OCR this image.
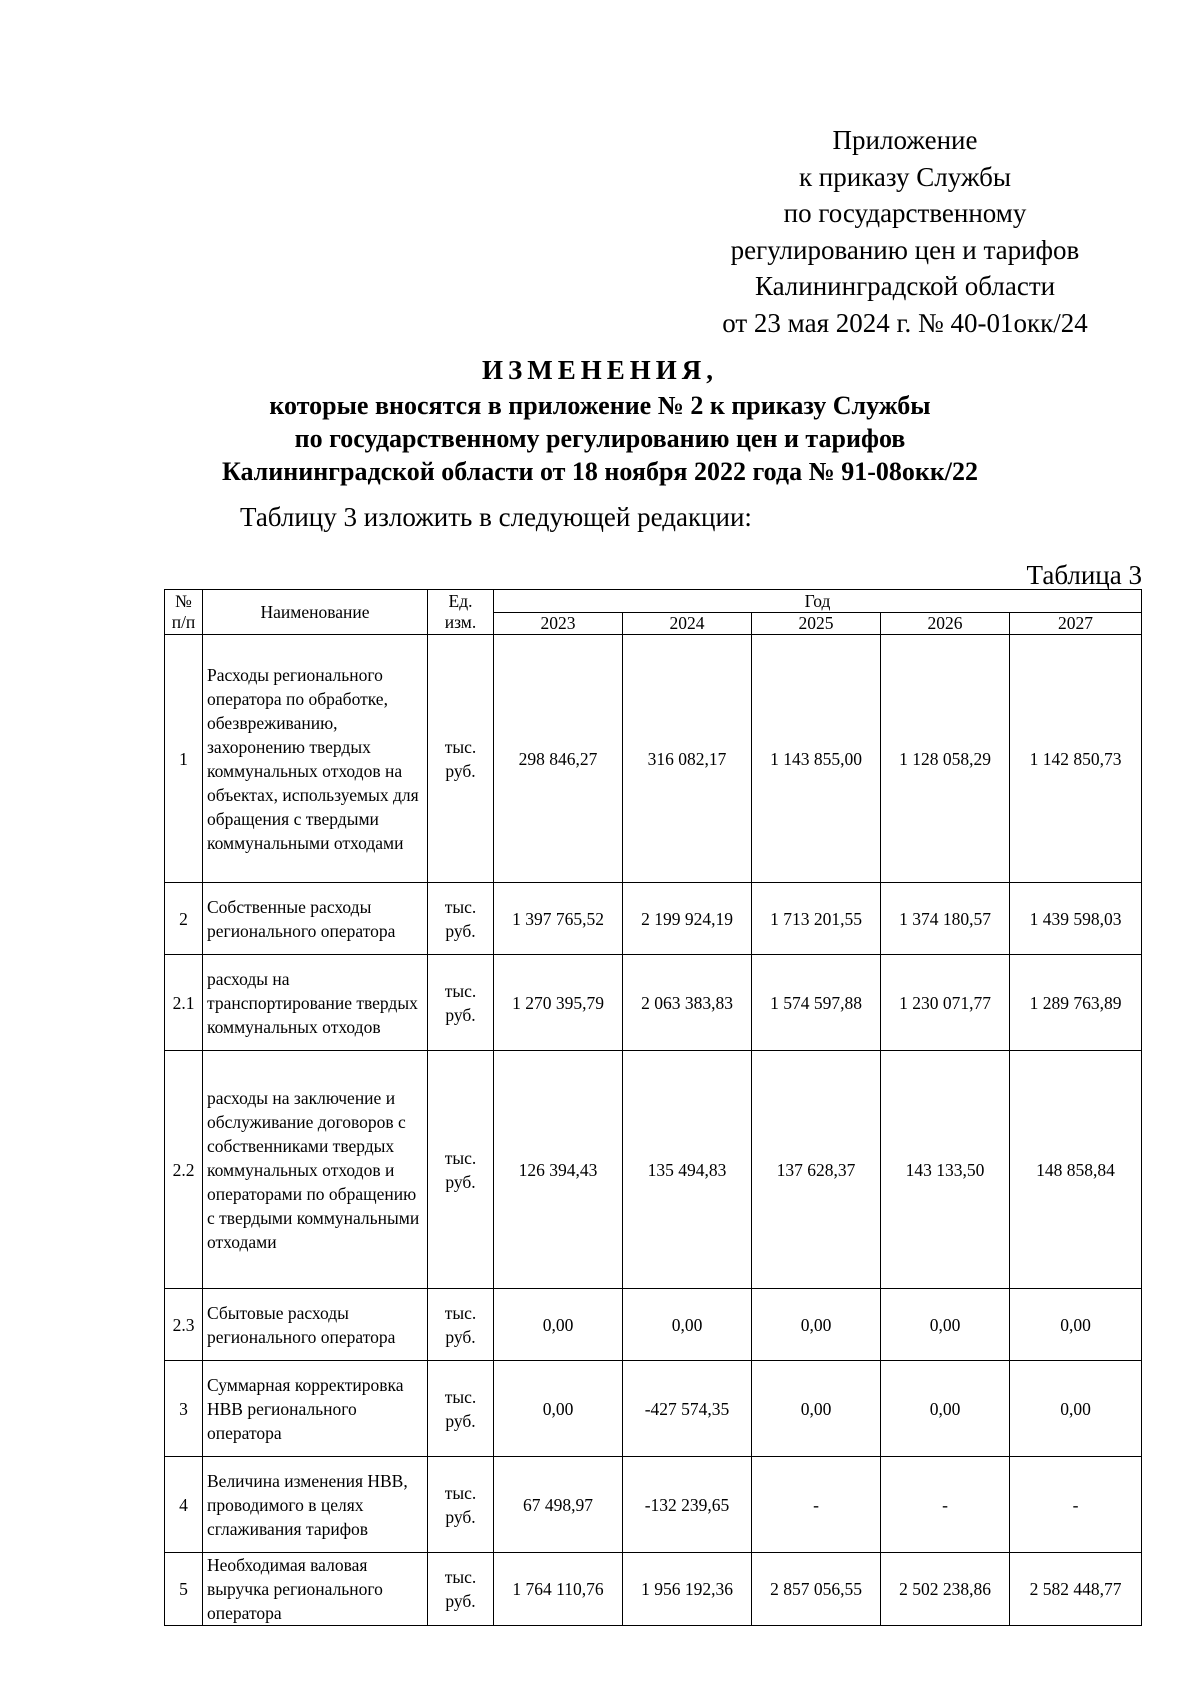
Приложение
к приказу Службы
по государственному
регулированию цен и тарифов
Калининградской области
от 23 мая 2024 г. № 40-01окк/24
ИЗМЕНЕНИЯ,
которые вносятся в приложение № 2 к приказу Службы
по государственному регулированию цен и тарифов
Калининградской области от 18 ноября 2022 года № 91-08окк/22
Таблицу 3 изложить в следующей редакции:
Таблица 3
№ п/п	Наименование	Ед. изм.	Год				
			2023	2024	2025	2026	2027
1	Расходы регионального оператора по обработке, обезвреживанию, захоронению твердых коммунальных отходов на объектах, используемых для обращения с твердыми коммунальными отходами	тыс. руб.	298 846,27	316 082,17	1 143 855,00	1 128 058,29	1 142 850,73
2	Собственные расходы регионального оператора	тыс. руб.	1 397 765,52	2 199 924,19	1 713 201,55	1 374 180,57	1 439 598,03
2.1	расходы на транспортирование твердых коммунальных отходов	тыс. руб.	1 270 395,79	2 063 383,83	1 574 597,88	1 230 071,77	1 289 763,89
2.2	расходы на заключение и обслуживание договоров с собственниками твердых коммунальных отходов и операторами по обращению с твердыми коммунальными отходами	тыс. руб.	126 394,43	135 494,83	137 628,37	143 133,50	148 858,84
2.3	Сбытовые расходы регионального оператора	тыс. руб.	0,00	0,00	0,00	0,00	0,00
3	Суммарная корректировка НВВ регионального оператора	тыс. руб.	0,00	-427 574,35	0,00	0,00	0,00
4	Величина изменения НВВ, проводимого в целях сглаживания тарифов	тыс. руб.	67 498,97	-132 239,65	-	-	-
5	Необходимая валовая выручка регионального оператора	тыс. руб.	1 764 110,76	1 956 192,36	2 857 056,55	2 502 238,86	2 582 448,77
